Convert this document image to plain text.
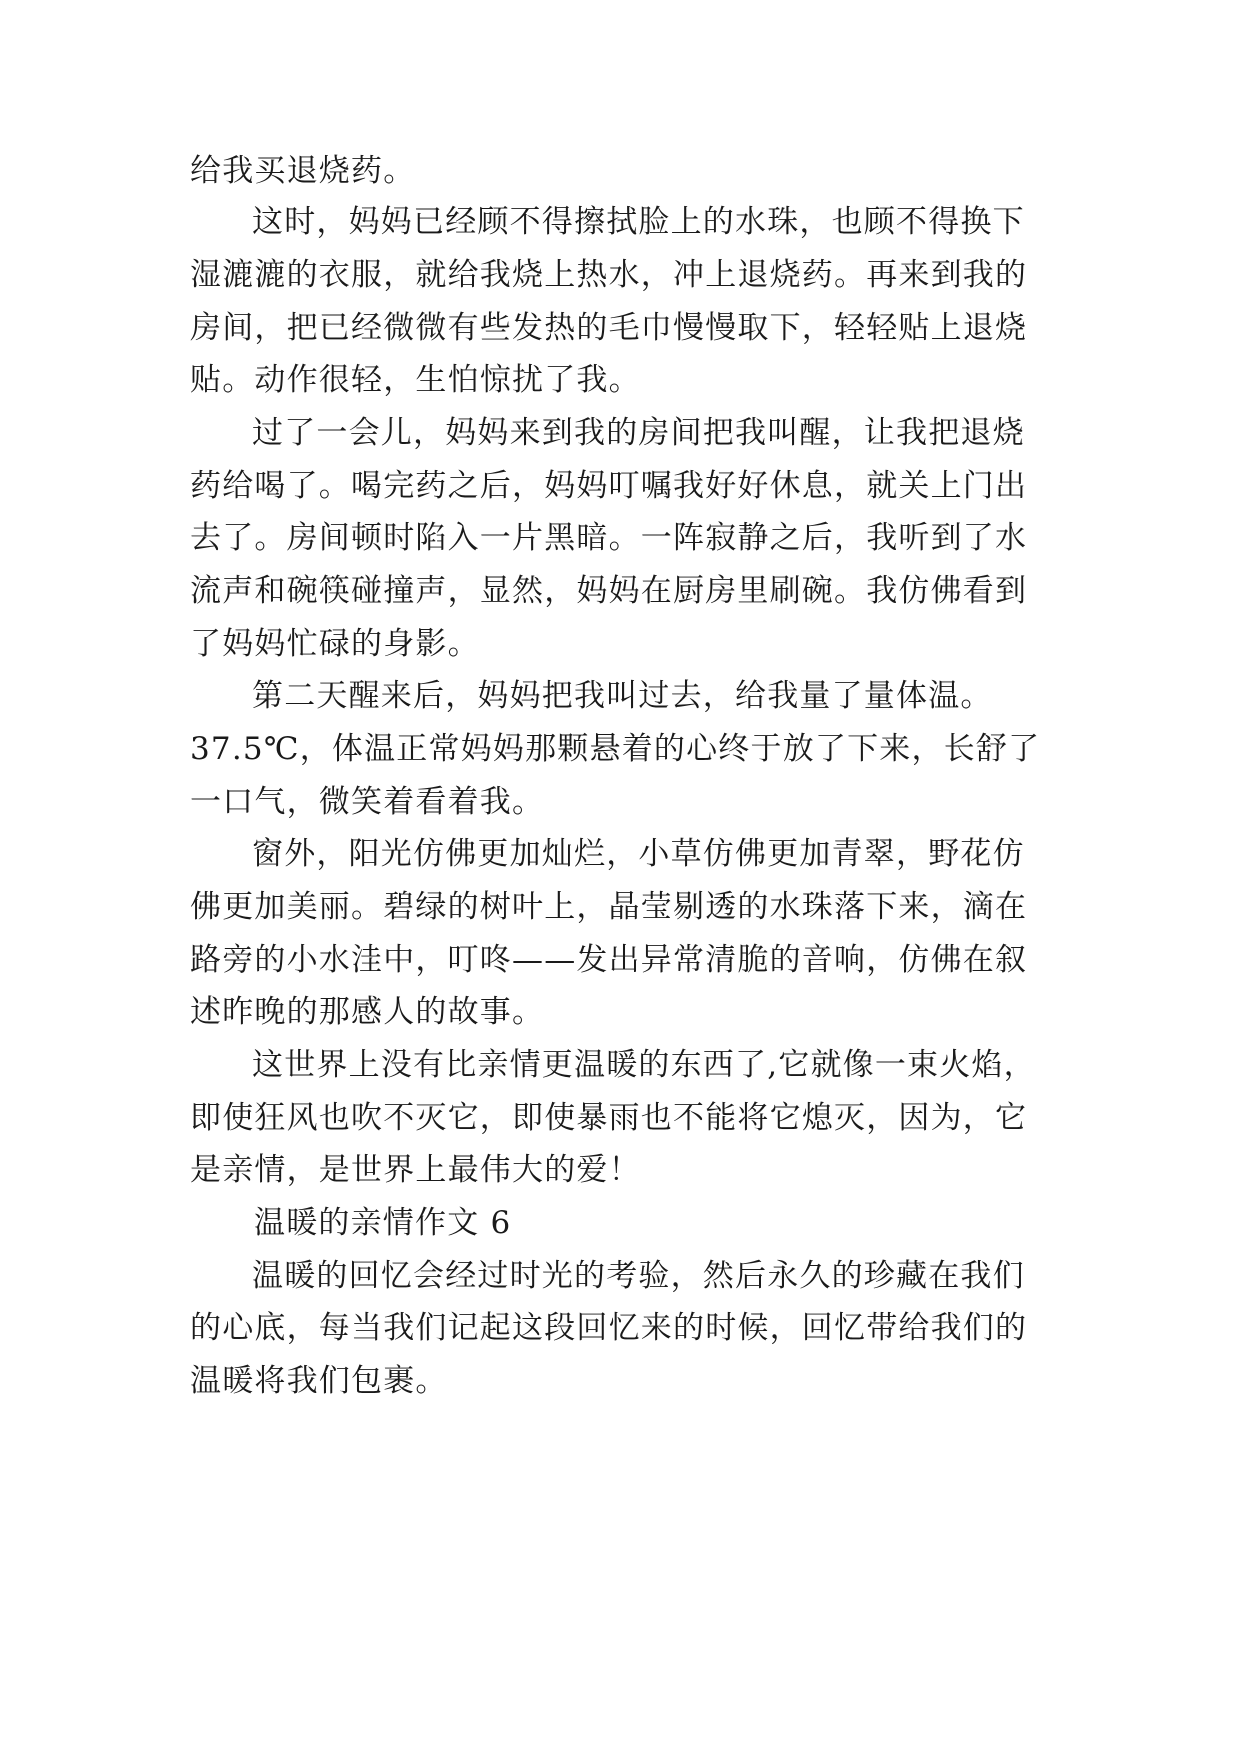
给我买退烧药。
这时，妈妈已经顾不得擦拭脸上的水珠，也顾不得换下
湿漉漉的衣服，就给我烧上热水，冲上退烧药。再来到我的
房间，把已经微微有些发热的毛巾慢慢取下，轻轻贴上退烧
贴。动作很轻，生怕惊扰了我。
过了一会儿，妈妈来到我的房间把我叫醒，让我把退烧
药给喝了。喝完药之后，妈妈叮嘱我好好休息，就关上门出
去了。房间顿时陷入一片黑暗。一阵寂静之后，我听到了水
流声和碗筷碰撞声，显然，妈妈在厨房里刷碗。我仿佛看到
了妈妈忙碌的身影。
第二天醒来后，妈妈把我叫过去，给我量了量体温。
37.5℃，体温正常妈妈那颗悬着的心终于放了下来，长舒了
一口气，微笑着看着我。
窗外，阳光仿佛更加灿烂，小草仿佛更加青翠，野花仿
佛更加美丽。碧绿的树叶上，晶莹剔透的水珠落下来，滴在
路旁的小水洼中，叮咚——发出异常清脆的音响，仿佛在叙
述昨晚的那感人的故事。
这世界上没有比亲情更温暖的东西了,它就像一束火焰，
即使狂风也吹不灭它，即使暴雨也不能将它熄灭，因为，它
是亲情，是世界上最伟大的爱！
温暖的亲情作文 6
温暖的回忆会经过时光的考验，然后永久的珍藏在我们
的心底，每当我们记起这段回忆来的时候，回忆带给我们的
温暖将我们包裹。
